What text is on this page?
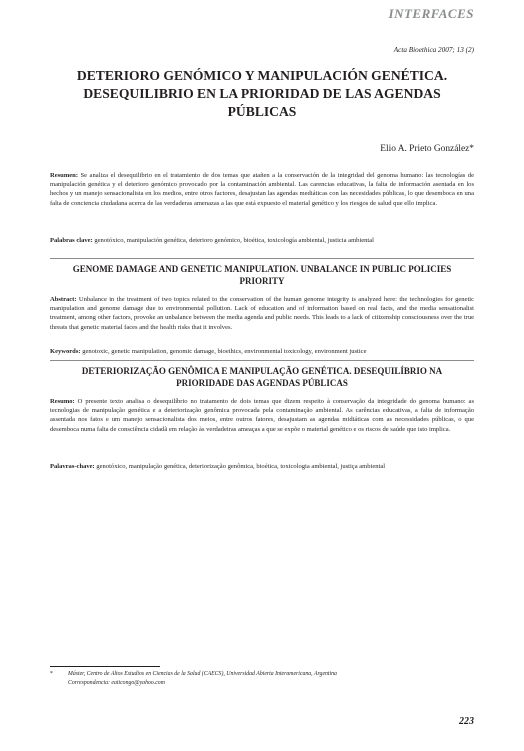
INTERFACES
Acta Bioethica 2007; 13 (2)
DETERIORO GENÓMICO Y MANIPULACIÓN GENÉTICA.
DESEQUILIBRIO EN LA PRIORIDAD DE LAS AGENDAS
PÚBLICAS
Elio A. Prieto González*

Resumen: Se analiza el desequilibrio en el tratamiento de dos temas que atañen a la conservación de la integridad del genoma humano: las tecnologías de manipulación genética y el deterioro genómico provocado por la contaminación ambiental. Las carencias educativas, la falta de información asentada en los hechos y un manejo sensacionalista en los medios, entre otros factores, desajustan las agendas mediáticas con las necesidades públicas, lo que desemboca en una falta de conciencia ciudadana acerca de las verdaderas amenazas a las que está expuesto el material genético y los riesgos de salud que ello implica.

Palabras clave: genotóxico, manipulación genética, deterioro genómico, bioética, toxicología ambiental, justicia ambiental

GENOME DAMAGE AND GENETIC MANIPULATION. UNBALANCE IN PUBLIC POLICIES
PRIORITY

Abstract: Unbalance in the treatment of two topics related to the conservation of the human genome integrity is analyzed here: the technologies for genetic manipulation and genome damage due to environmental pollution. Lack of education and of information based on real facts, and the media sensationalist treatment, among other factors, provoke an unbalance between the media agenda and public needs. This leads to a lack of citizenship consciousness over the true threats that genetic material faces and the health risks that it involves.

Keywords: genotoxic, genetic manipulation, genomic damage, bioethics, environmental toxicology, environment justice

DETERIORIZAÇÃO GENÔMICA E MANIPULAÇÃO GENÉTICA. DESEQUILÍBRIO NA
PRIORIDADE DAS AGENDAS PÚBLICAS

Resumo: O presente texto analisa o desequilíbrio no tratamento de dois temas que dizem respeito à conservação da integridade do genoma humano: as tecnologias de manipulação genética e a deteriorização genômica provocada pela contaminação ambiental. As carências educativas, a falta de informação assentada nos fatos e um manejo sensacionalista dos meios, entre outros fatores, desajustam as agendas midiáticas com as necessidades públicas, o que desemboca numa falta de consciência cidadã em relação às verdadeiras ameaças a que se expõe o material genético e os riscos de saúde que isto implica.

Palavras-chave: genotóxico, manipulação genética, deteriorização genômica, bioética, toxicologia ambiental, justiça ambiental

*	Máster, Centro de Altos Estudios en Ciencias de la Salud (CAECS), Universidad Abierta Interamericana, Argentina
Correspondencia: eaticongo@yahoo.com
223
